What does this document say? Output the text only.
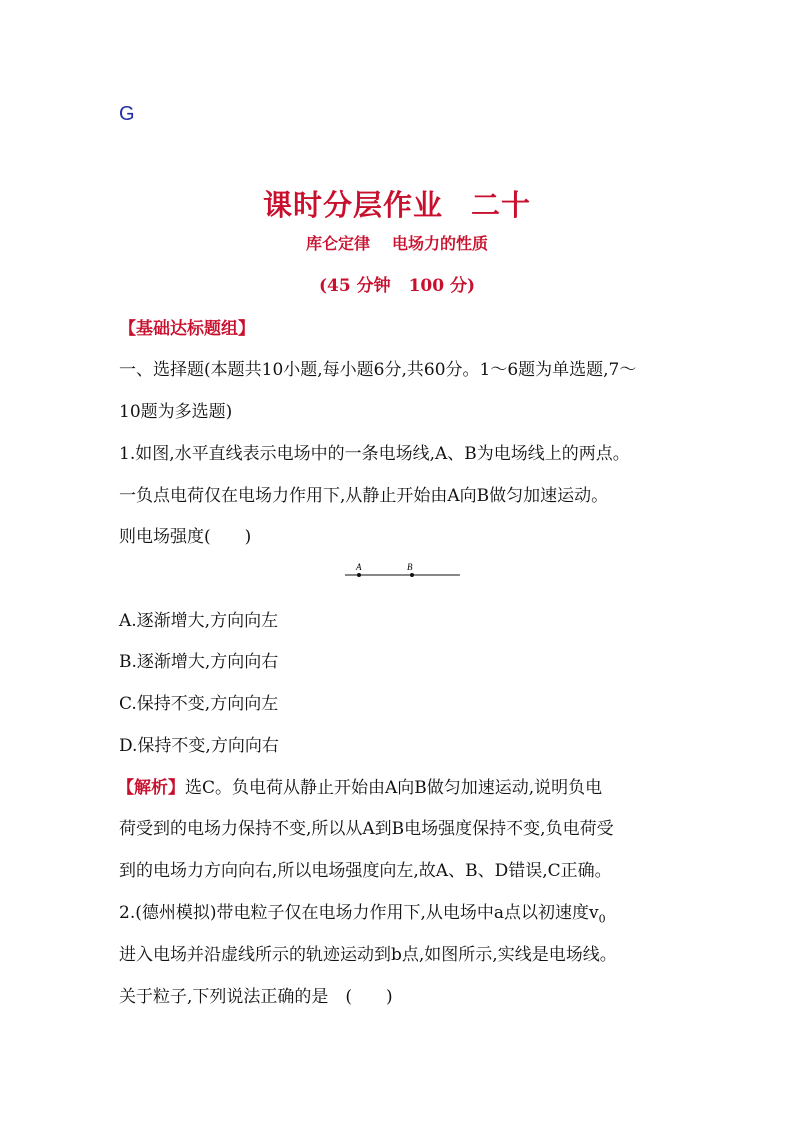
G
课时分层作业 二十
库仑定律 电场力的性质
(45 分钟 100 分)
【基础达标题组】
一、选择题(本题共10小题,每小题6分,共60分。1～6题为单选题,7～
10题为多选题)
1.如图,水平直线表示电场中的一条电场线,A、B为电场线上的两点。
一负点电荷仅在电场力作用下,从静止开始由A向B做匀加速运动。
则电场强度(　　)
A	B
A.逐渐增大,方向向左
B.逐渐增大,方向向右
C.保持不变,方向向左
D.保持不变,方向向右
【解析】选C。负电荷从静止开始由A向B做匀加速运动,说明负电
荷受到的电场力保持不变,所以从A到B电场强度保持不变,负电荷受
到的电场力方向向右,所以电场强度向左,故A、B、D错误,C正确。
2.(德州模拟)带电粒子仅在电场力作用下,从电场中a点以初速度$v_0$
进入电场并沿虚线所示的轨迹运动到b点,如图所示,实线是电场线。
关于粒子,下列说法正确的是　(　　)
